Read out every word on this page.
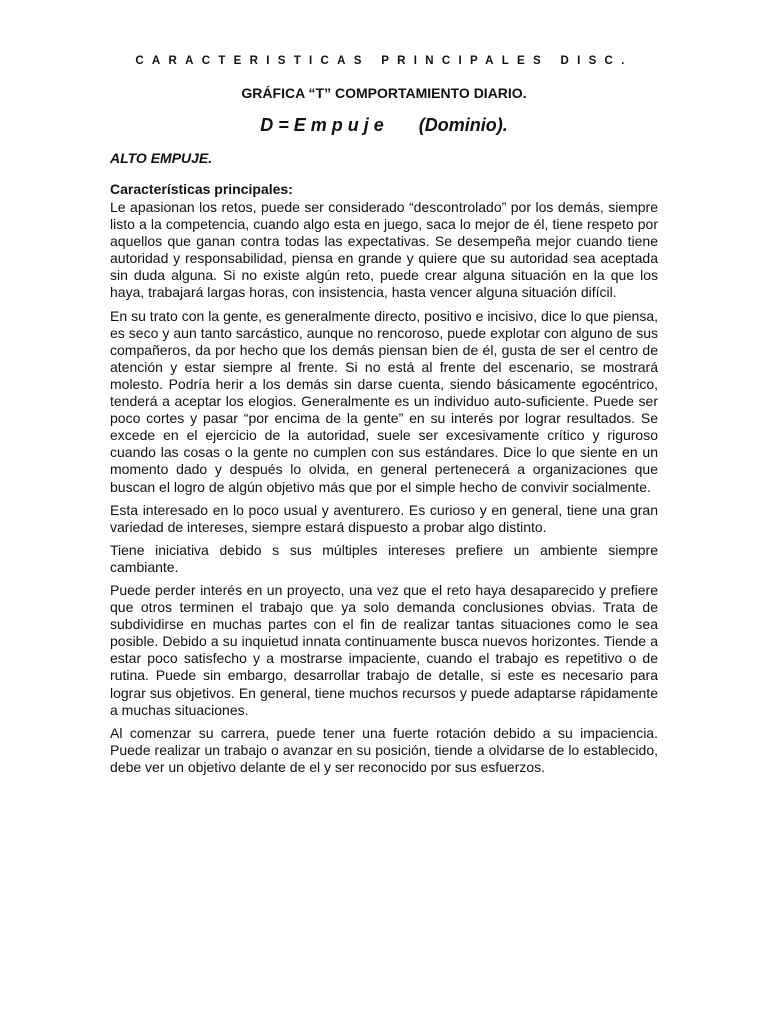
CARACTERISTICAS PRINCIPALES DISC.
GRÁFICA “T” COMPORTAMIENTO DIARIO.
D = E m p u j e       (Dominio).
ALTO EMPUJE.

Características principales:

Le apasionan los retos, puede ser considerado “descontrolado” por los demás, siempre listo a la competencia, cuando algo esta en juego, saca lo mejor de él, tiene respeto por aquellos que ganan contra todas las expectativas. Se desempeña mejor cuando tiene autoridad y responsabilidad, piensa en grande y quiere que su autoridad sea aceptada sin duda alguna. Si no existe algún reto, puede crear alguna situación en la que los haya, trabajará largas horas, con insistencia, hasta vencer alguna situación difícil.

En su trato con la gente, es generalmente directo, positivo e incisivo, dice lo que piensa, es seco y aun tanto sarcástico, aunque no rencoroso, puede explotar con alguno de sus compañeros, da por hecho que los demás piensan bien de él, gusta de ser el centro de atención y estar siempre al frente. Si no está al frente del escenario, se mostrará molesto. Podría herir a los demás sin darse cuenta, siendo básicamente egocéntrico, tenderá a aceptar los elogios. Generalmente es un individuo auto-suficiente. Puede ser poco cortes y pasar “por encima de la gente” en su interés por lograr resultados. Se excede en el ejercicio de la autoridad, suele ser excesivamente crítico y riguroso cuando las cosas o la gente no cumplen con sus estándares. Dice lo que siente en un momento dado y después lo olvida, en general pertenecerá a organizaciones que buscan el logro de algún objetivo más que por el simple hecho de convivir socialmente.

Esta interesado en lo poco usual y aventurero. Es curioso y en general, tiene una gran variedad de intereses, siempre estará dispuesto a probar algo distinto.

Tiene iniciativa debido s sus múltiples intereses prefiere un ambiente siempre cambiante.

Puede perder interés en un proyecto, una vez que el reto haya desaparecido y prefiere que otros terminen el trabajo que ya solo demanda conclusiones obvias. Trata de subdividirse en muchas partes con el fin de realizar tantas situaciones como le sea posible. Debido a su inquietud innata continuamente busca nuevos horizontes. Tiende a estar poco satisfecho y a mostrarse impaciente, cuando el trabajo es repetitivo o de rutina. Puede sin embargo, desarrollar trabajo de detalle, si este es necesario para lograr sus objetivos. En general, tiene muchos recursos y puede adaptarse rápidamente a muchas situaciones.

Al comenzar su carrera, puede tener una fuerte rotación debido a su impaciencia. Puede realizar un trabajo o avanzar en su posición, tiende a olvidarse de lo establecido, debe ver un objetivo delante de el y ser reconocido por sus esfuerzos.
